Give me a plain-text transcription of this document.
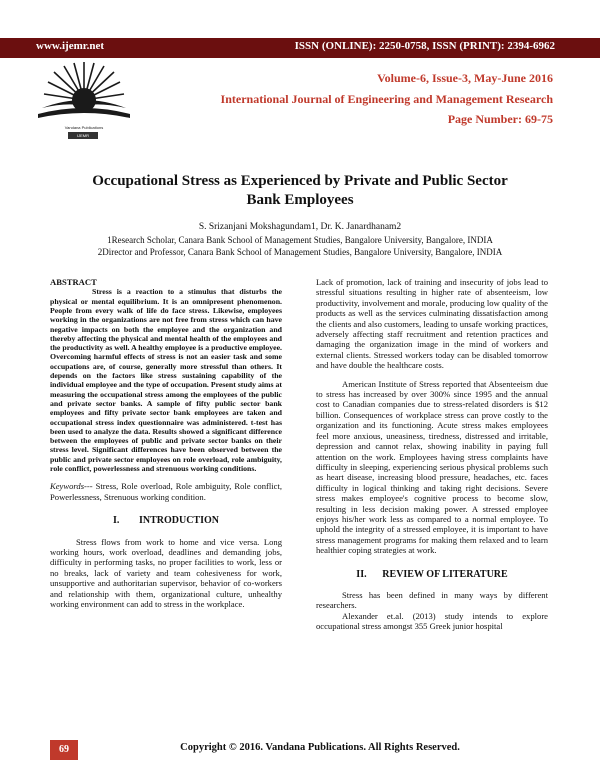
www.ijemr.net	ISSN (ONLINE): 2250-0758, ISSN (PRINT): 2394-6962
Vandana Publications
IJEMR
Volume-6, Issue-3, May-June 2016
International Journal of Engineering and Management Research
Page Number: 69-75
Occupational Stress as Experienced by Private and Public Sector Bank Employees
S. Srizanjani Mokshagundam1, Dr. K. Janardhanam2
1Research Scholar, Canara Bank School of Management Studies, Bangalore University, Bangalore, INDIA
2Director and Professor, Canara Bank School of Management Studies, Bangalore University, Bangalore, INDIA

ABSTRACT

Stress is a reaction to a stimulus that disturbs the physical or mental equilibrium. It is an omnipresent phenomenon. People from every walk of life do face stress. Likewise, employees working in the organizations are not free from stress which can have negative impacts on both the employee and the organization and thereby affecting the physical and mental health of the employees and the productivity as well. A healthy employee is a productive employee. Overcoming harmful effects of stress is not an easier task and some occupations are, of course, generally more stressful than others. It depends on the factors like stress sustaining capability of the individual employee and the type of occupation. Present study aims at measuring the occupational stress among the employees of the public and private sector banks. A sample of fifty public sector bank employees and fifty private sector bank employees are taken and occupational stress index questionnaire was administered. t-test has been used to analyze the data. Results showed a significant difference between the employees of public and private sector banks on their stress level. Significant differences have been observed between the public and private sector employees on role overload, role ambiguity, role conflict, powerlessness and strenuous working conditions.

Keywords--- Stress, Role overload, Role ambiguity, Role conflict, Powerlessness, Strenuous working condition.

I. INTRODUCTION

Stress flows from work to home and vice versa. Long working hours, work overload, deadlines and demanding jobs, difficulty in performing tasks, no proper facilities to work, less or no breaks, lack of variety and team cohesiveness for work, unsupportive and authoritarian supervisor, behavior of co-workers and relationship with them, organizational culture, unhealthy working environment can add to stress in the workplace.

Lack of promotion, lack of training and insecurity of jobs lead to stressful situations resulting in higher rate of absenteeism, low productivity, involvement and morale, producing low quality of the products as well as the services culminating dissatisfaction among the clients and also customers, leading to unsafe working practices, adversely affecting staff recruitment and retention practices and damaging the organization image in the mind of workers and external clients. Stressed workers today can be disabled tomorrow and have double the healthcare costs.

American Institute of Stress reported that Absenteeism due to stress has increased by over 300% since 1995 and the annual cost to Canadian companies due to stress-related disorders is $12 billion. Consequences of workplace stress can prove costly to the organization and its functioning. Acute stress makes employees feel more anxious, uneasiness, tiredness, distressed and irritable, depression and cannot relax, showing inability in paying full attention on the work. Employees having stress complaints have difficulty in sleeping, experiencing serious physical problems such as heart disease, increasing blood pressure, headaches, etc. faces difficulty in logical thinking and taking right decisions. Severe stress makes employee's cognitive process to become slow, resulting in less decision making power. A stressed employee enjoys his/her work less as compared to a normal employee. To uphold the integrity of a stressed employee, it is important to have stress management programs for making them relaxed and to learn healthier coping strategies at work.

II. REVIEW OF LITERATURE

Stress has been defined in many ways by different researchers.

Alexander et.al. (2013) study intends to explore occupational stress amongst 355 Greek junior hospital

69	Copyright © 2016. Vandana Publications. All Rights Reserved.
